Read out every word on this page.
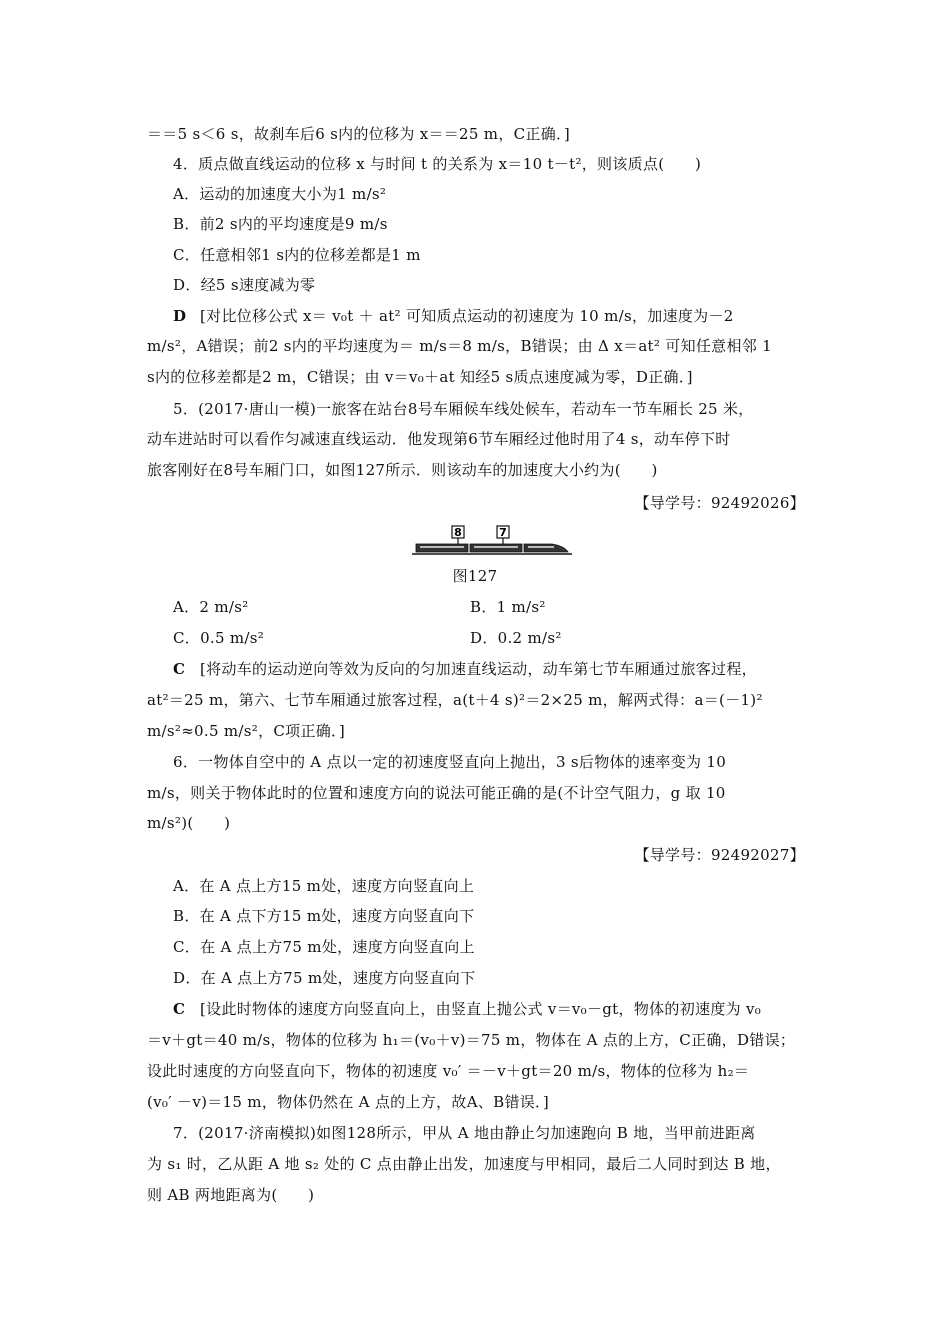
＝＝5 s＜6 s，故刹车后6 s内的位移为 x＝＝25 m，C正确．]
4．质点做直线运动的位移 x 与时间 t 的关系为 x＝10 t－t²，则该质点(　　)
A．运动的加速度大小为1 m/s²
B．前2 s内的平均速度是9 m/s
C．任意相邻1 s内的位移差都是1 m
D．经5 s速度减为零
D [对比位移公式 x＝ v₀t ＋ at² 可知质点运动的初速度为 10 m/s，加速度为－2
m/s²，A错误；前2 s内的平均速度为＝ m/s＝8 m/s，B错误；由 Δ x＝at² 可知任意相邻 1
s内的位移差都是2 m，C错误；由 v＝v₀＋at 知经5 s质点速度减为零，D正确．]
5．(2017·唐山一模)一旅客在站台8号车厢候车线处候车，若动车一节车厢长 25 米，
动车进站时可以看作匀减速直线运动．他发现第6节车厢经过他时用了4 s，动车停下时
旅客刚好在8号车厢门口，如图127所示．则该动车的加速度大小约为(　　)
【导学号：92492026】
8	7
图127
A．2 m/s²	B．1 m/s²
C．0.5 m/s²	D．0.2 m/s²
C [将动车的运动逆向等效为反向的匀加速直线运动，动车第七节车厢通过旅客过程，
at²＝25 m，第六、七节车厢通过旅客过程，a(t＋4 s)²＝2×25 m，解两式得：a＝(－1)²
m/s²≈0.5 m/s²，C项正确．]
6．一物体自空中的 A 点以一定的初速度竖直向上抛出，3 s后物体的速率变为 10
m/s，则关于物体此时的位置和速度方向的说法可能正确的是(不计空气阻力，g 取 10
m/s²)(　　)
【导学号：92492027】
A．在 A 点上方15 m处，速度方向竖直向上
B．在 A 点下方15 m处，速度方向竖直向下
C．在 A 点上方75 m处，速度方向竖直向上
D．在 A 点上方75 m处，速度方向竖直向下
C [设此时物体的速度方向竖直向上，由竖直上抛公式 v＝v₀－gt，物体的初速度为 v₀
＝v＋gt＝40 m/s，物体的位移为 h₁＝(v₀＋v)＝75 m，物体在 A 点的上方，C正确，D错误；
设此时速度的方向竖直向下，物体的初速度 v₀′ ＝－v＋gt＝20 m/s，物体的位移为 h₂＝
(v₀′ －v)＝15 m，物体仍然在 A 点的上方，故A、B错误．]
7．(2017·济南模拟)如图128所示，甲从 A 地由静止匀加速跑向 B 地，当甲前进距离
为 s₁ 时，乙从距 A 地 s₂ 处的 C 点由静止出发，加速度与甲相同，最后二人同时到达 B 地，
则 AB 两地距离为(　　)
